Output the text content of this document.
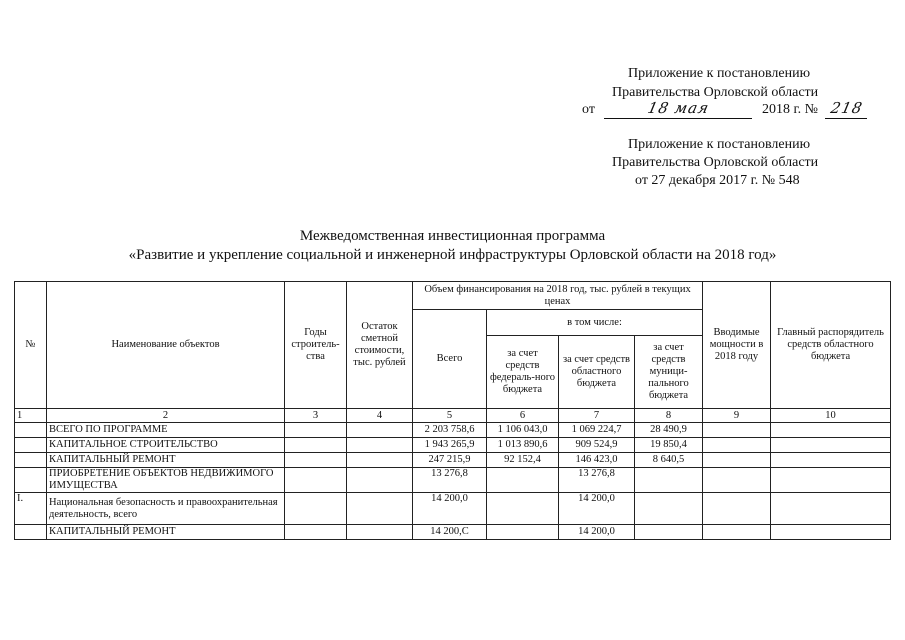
Приложение к постановлению
Правительства Орловской области
от	18 мая	2018 г. № 218
Приложение к постановлению
Правительства Орловской области
от 27 декабря 2017 г. № 548
Межведомственная инвестиционная программа
«Развитие и укрепление социальной и инженерной инфраструктуры Орловской области на 2018 год»
№	Наименование объектов	Годы строитель-ства	Остаток сметной стоимости, тыс. рублей	Объем финансирования на 2018 год, тыс. рублей в текущих ценах				Вводимые мощности в 2018 году	Главный распорядитель средств областного бюджета
				Всего	в том числе:				
					за счет средств федераль-ного бюджета	за счет средств областного бюджета	за счет средств муници-пального бюджета		
1	2	3	4	5	6	7	8	9	10
	ВСЕГО ПО ПРОГРАММЕ			2 203 758,6	1 106 043,0	1 069 224,7	28 490,9		
	КАПИТАЛЬНОЕ СТРОИТЕЛЬСТВО			1 943 265,9	1 013 890,6	909 524,9	19 850,4		
	КАПИТАЛЬНЫЙ РЕМОНТ			247 215,9	92 152,4	146 423,0	8 640,5		
	ПРИОБРЕТЕНИЕ ОБЪЕКТОВ НЕДВИЖИМОГО ИМУЩЕСТВА			13 276,8		13 276,8			
I.	Национальная безопасность и правоохранительная деятельность, всего			14 200,0		14 200,0			
	КАПИТАЛЬНЫЙ РЕМОНТ			14 200,С		14 200,0			
